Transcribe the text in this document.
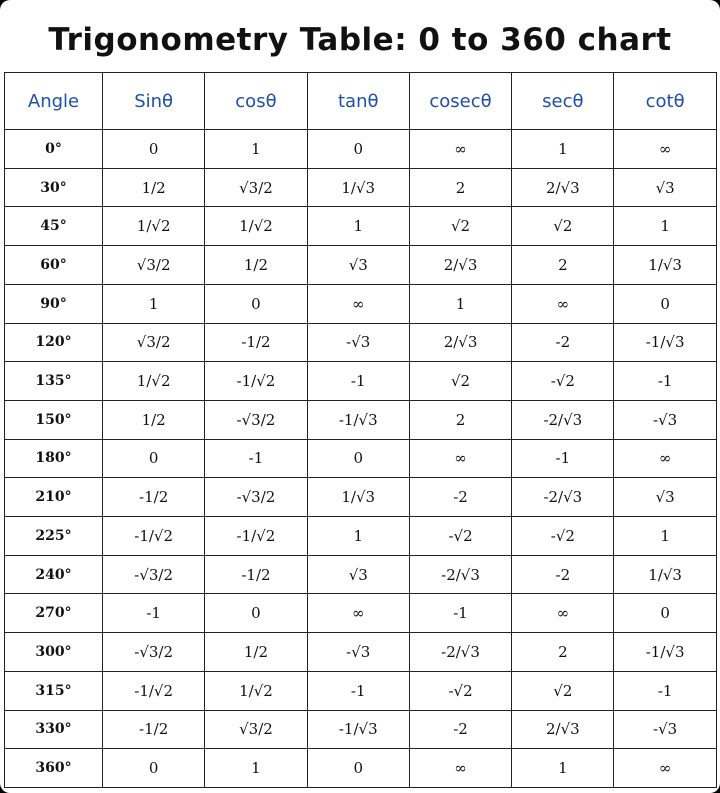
Trigonometry Table: 0 to 360 chart
Angle	Sinθ	cosθ	tanθ	cosecθ	secθ	cotθ
0°	0	1	0	∞	1	∞
30°	1/2	√3/2	1/√3	2	2/√3	√3
45°	1/√2	1/√2	1	√2	√2	1
60°	√3/2	1/2	√3	2/√3	2	1/√3
90°	1	0	∞	1	∞	0
120°	√3/2	-1/2	-√3	2/√3	-2	-1/√3
135°	1/√2	-1/√2	-1	√2	-√2	-1
150°	1/2	-√3/2	-1/√3	2	-2/√3	-√3
180°	0	-1	0	∞	-1	∞
210°	-1/2	-√3/2	1/√3	-2	-2/√3	√3
225°	-1/√2	-1/√2	1	-√2	-√2	1
240°	-√3/2	-1/2	√3	-2/√3	-2	1/√3
270°	-1	0	∞	-1	∞	0
300°	-√3/2	1/2	-√3	-2/√3	2	-1/√3
315°	-1/√2	1/√2	-1	-√2	√2	-1
330°	-1/2	√3/2	-1/√3	-2	2/√3	-√3
360°	0	1	0	∞	1	∞
